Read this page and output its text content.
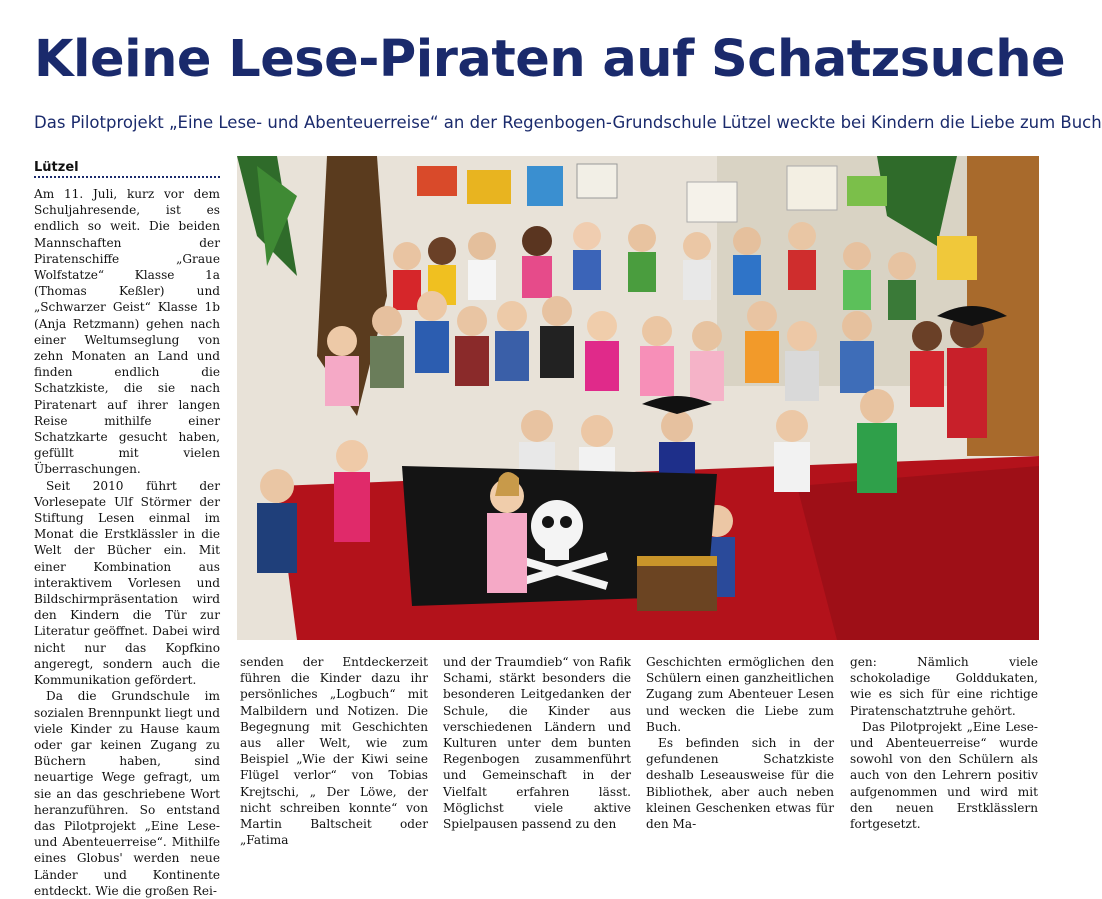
Kleine Lese-Piraten auf Schatzsuche
Das Pilotprojekt „Eine Lese- und Abenteuerreise“ an der Regenbogen-Grundschule Lützel weckte bei Kindern die Liebe zum Buch
Lützel

Am 11. Juli, kurz vor dem Schuljahresende, ist es endlich so weit. Die beiden Mannschaften der Piratenschiffe „Graue Wolfstatze“ Klasse 1a (Thomas Keßler) und „Schwarzer Geist“ Klasse 1b (Anja Retzmann) gehen nach einer Weltumseglung von zehn Monaten an Land und finden endlich die Schatzkiste, die sie nach Piratenart auf ihrer langen Reise mithilfe einer Schatzkarte gesucht haben, gefüllt mit vielen Überraschungen.

Seit 2010 führt der Vorlesepate Ulf Störmer der Stiftung Lesen einmal im Monat die Erstklässler in die Welt der Bücher ein. Mit einer Kombination aus interaktivem Vorlesen und Bildschirmpräsentation wird den Kindern die Tür zur Literatur geöffnet. Dabei wird nicht nur das Kopfkino angeregt, sondern auch die Kommunikation gefördert.

Da die Grundschule im sozialen Brennpunkt liegt und viele Kinder zu Hause kaum oder gar keinen Zugang zu Büchern haben, sind neuartige Wege gefragt, um sie an das geschriebene Wort heranzuführen. So entstand das Pilotprojekt „Eine Lese- und Abenteuerreise“. Mithilfe eines Globus' werden neue Länder und Kontinente entdeckt. Wie die großen Rei-

senden der Entdeckerzeit führen die Kinder dazu ihr persönliches „Logbuch“ mit Malbildern und Notizen. Die Begegnung mit Geschichten aus aller Welt, wie zum Beispiel „Wie der Kiwi seine Flügel verlor“ von Tobias Krejtschi, „ Der Löwe, der nicht schreiben konnte“ von Martin Baltscheit oder „Fatima

und der Traumdieb“ von Rafik Schami, stärkt besonders die besonderen Leitgedanken der Schule, die Kinder aus verschiedenen Ländern und Kulturen unter dem bunten Regenbogen zusammenführt und Gemeinschaft in der Vielfalt erfahren lässt. Möglichst viele aktive Spielpausen passend zu den

Geschichten ermöglichen den Schülern einen ganzheitlichen Zugang zum Abenteuer Lesen und wecken die Liebe zum Buch.

Es befinden sich in der gefundenen Schatzkiste deshalb Leseausweise für die Bibliothek, aber auch neben kleinen Geschenken etwas für den Ma-

gen: Nämlich viele schokoladige Golddukaten, wie es sich für eine richtige Piratenschatztruhe gehört.

Das Pilotprojekt „Eine Lese- und Abenteuerreise“ wurde sowohl von den Schülern als auch von den Lehrern positiv aufgenommen und wird mit den neuen Erstklässlern fortgesetzt.
